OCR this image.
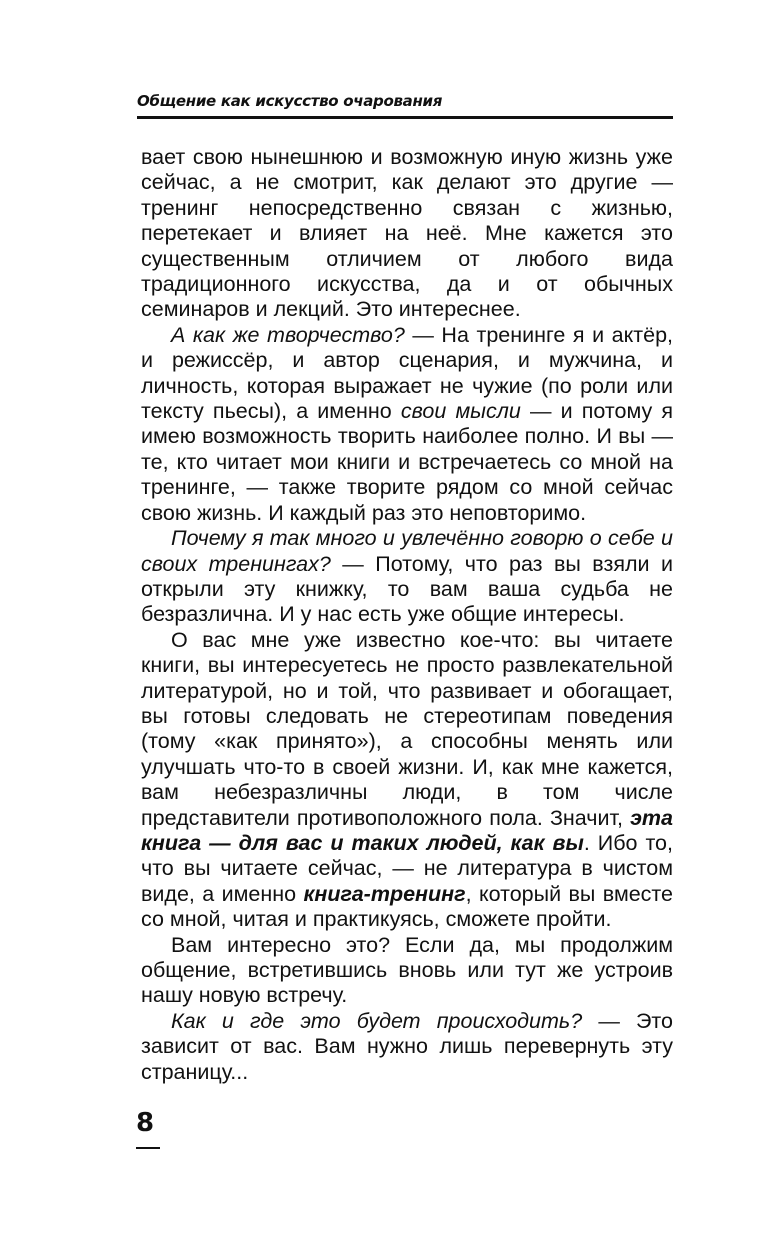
Общение как искусство очарования

вает свою нынешнюю и возможную иную жизнь уже сейчас, а не смотрит, как делают это другие — тренинг непосредственно связан с жизнью, перетекает и влияет на неё. Мне кажется это существенным отличием от любого вида традиционного искусства, да и от обычных семинаров и лекций. Это интереснее.

А как же творчество? — На тренинге я и актёр, и режиссёр, и автор сценария, и мужчина, и личность, которая выражает не чужие (по роли или тексту пьесы), а именно свои мысли — и потому я имею возможность творить наиболее полно. И вы — те, кто читает мои книги и встречаетесь со мной на тренинге, — также творите рядом со мной сейчас свою жизнь. И каждый раз это неповторимо.

Почему я так много и увлечённо говорю о себе и своих тренингах? — Потому, что раз вы взяли и открыли эту книжку, то вам ваша судьба не безразлична. И у нас есть уже общие интересы.

О вас мне уже известно кое-что: вы читаете книги, вы интересуетесь не просто развлекательной литературой, но и той, что развивает и обогащает, вы готовы следовать не стереотипам поведения (тому «как принято»), а способны менять или улучшать что-то в своей жизни. И, как мне кажется, вам небезразличны люди, в том числе представители противоположного пола. Значит, эта книга — для вас и таких людей, как вы. Ибо то, что вы читаете сейчас, — не литература в чистом виде, а именно книга-тренинг, который вы вместе со мной, читая и практикуясь, сможете пройти.

Вам интересно это? Если да, мы продолжим общение, встретившись вновь или тут же устроив нашу новую встречу.

Как и где это будет происходить? — Это зависит от вас. Вам нужно лишь перевернуть эту страницу...

8
